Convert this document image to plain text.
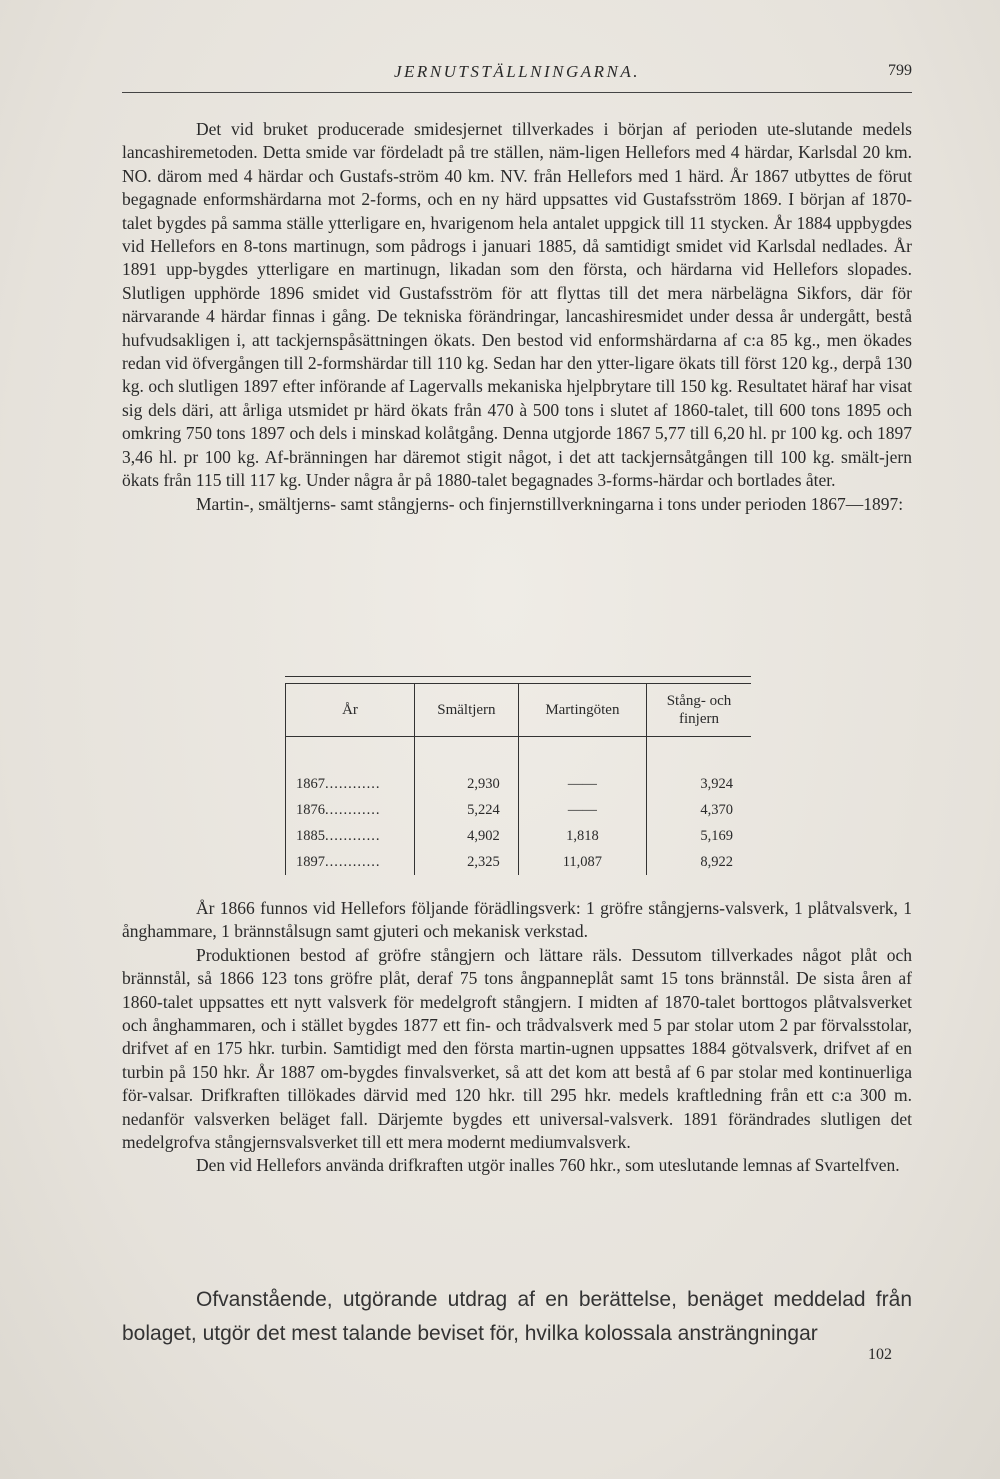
JERNUTSTÄLLNINGARNA.	799

Det vid bruket producerade smidesjernet tillverkades i början af perioden ute-slutande medels lancashiremetoden. Detta smide var fördeladt på tre ställen, näm-ligen Hellefors med 4 härdar, Karlsdal 20 km. NO. därom med 4 härdar och Gustafs-ström 40 km. NV. från Hellefors med 1 härd. År 1867 utbyttes de förut begagnade enformshärdarna mot 2-forms, och en ny härd uppsattes vid Gustafsström 1869. I början af 1870-talet bygdes på samma ställe ytterligare en, hvarigenom hela antalet uppgick till 11 stycken. År 1884 uppbygdes vid Hellefors en 8-tons martinugn, som pådrogs i januari 1885, då samtidigt smidet vid Karlsdal nedlades. År 1891 upp-bygdes ytterligare en martinugn, likadan som den första, och härdarna vid Hellefors slopades. Slutligen upphörde 1896 smidet vid Gustafsström för att flyttas till det mera närbelägna Sikfors, där för närvarande 4 härdar finnas i gång. De tekniska förändringar, lancashiresmidet under dessa år undergått, bestå hufvudsakligen i, att tackjernspåsättningen ökats. Den bestod vid enformshärdarna af c:a 85 kg., men ökades redan vid öfvergången till 2-formshärdar till 110 kg. Sedan har den ytter-ligare ökats till först 120 kg., derpå 130 kg. och slutligen 1897 efter införande af Lagervalls mekaniska hjelpbrytare till 150 kg. Resultatet häraf har visat sig dels däri, att årliga utsmidet pr härd ökats från 470 à 500 tons i slutet af 1860-talet, till 600 tons 1895 och omkring 750 tons 1897 och dels i minskad kolåtgång. Denna utgjorde 1867 5,77 till 6,20 hl. pr 100 kg. och 1897 3,46 hl. pr 100 kg. Af-bränningen har däremot stigit något, i det att tackjernsåtgången till 100 kg. smält-jern ökats från 115 till 117 kg. Under några år på 1880-talet begagnades 3-forms-härdar och bortlades åter.

Martin-, smältjerns- samt stångjerns- och finjernstillverkningarna i tons under perioden 1867—1897:

År	Smältjern	Martingöten	Stång- och finjern

1867............	2,930	——	3,924
1876............	5,224	——	4,370
1885............	4,902	1,818	5,169
1897............	2,325	11,087	8,922

År 1866 funnos vid Hellefors följande förädlingsverk: 1 gröfre stångjerns-valsverk, 1 plåtvalsverk, 1 ånghammare, 1 brännstålsugn samt gjuteri och mekanisk verkstad.

Produktionen bestod af gröfre stångjern och lättare räls. Dessutom tillverkades något plåt och brännstål, så 1866 123 tons gröfre plåt, deraf 75 tons ångpanneplåt samt 15 tons brännstål. De sista åren af 1860-talet uppsattes ett nytt valsverk för medelgroft stångjern. I midten af 1870-talet borttogos plåtvalsverket och ånghammaren, och i stället bygdes 1877 ett fin- och trådvalsverk med 5 par stolar utom 2 par förvalsstolar, drifvet af en 175 hkr. turbin. Samtidigt med den första martin-ugnen uppsattes 1884 götvalsverk, drifvet af en turbin på 150 hkr. År 1887 om-bygdes finvalsverket, så att det kom att bestå af 6 par stolar med kontinuerliga för-valsar. Drifkraften tillökades därvid med 120 hkr. till 295 hkr. medels kraftledning från ett c:a 300 m. nedanför valsverken beläget fall. Därjemte bygdes ett universal-valsverk. 1891 förändrades slutligen det medelgrofva stångjernsvalsverket till ett mera modernt mediumvalsverk.

Den vid Hellefors använda drifkraften utgör inalles 760 hkr., som uteslutande lemnas af Svartelfven.

Ofvanstående, utgörande utdrag af en berättelse, benäget meddelad från bolaget, utgör det mest talande beviset för, hvilka kolossala ansträngningar

102
